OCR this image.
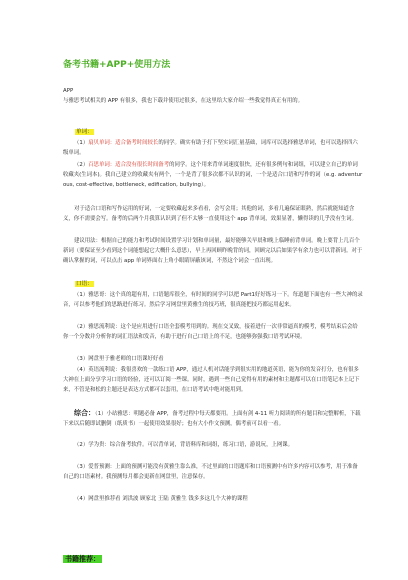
备考书籍+APP+使用方法

APP

与雅思考试相关的 APP 有很多，我也下载并使用过很多，在这里给大家介绍一些我觉得真正有用的。

单词：

（1）扇贝单词：适合备考时间较长的同学。确实有助于打下坚实词汇量基础，词库可以选择雅思单词，也可以选择四六级单词。

（2）百思单词：适合没有很长时间备考的同学。这个用来背单词速度很快，还有很多例句和词组，可以建立自己的单词收藏夹(生词本)。我自己建立的收藏夹有两个，一个是背了很多次都不认识的词，一个是适合口语和写作的词（e.g. adventurous, cost-effective, bottleneck, edification, bullying）。

对于适合口语和写作运用的好词，一定要收藏起来多看看，会写会用；其他的词，多看几遍保证眼熟，然后就能知道含义，你不需要会写。备考的后两个月我算认识到了但不太够一直使用这个 app 背单词，效果显著，懒得读的几乎没有生词。

建议用法：根据自己的能力和考试时间设置学习计划和单词量，最好能够关早晨和晚上临睡前背单词。晚上要背上几百个新词（要保证至少看到这个词能想起它大概什么意思），早上再回顾昨晚背的词，回顾完以后如果学有余力也可以背新词。对于确认掌握的词，可以点击 app 单词界面右上角小眼睛屏蔽该词，不然这个词会一直出现。

口语：

（1）雅思哥：这个真的超有用，口语题库很全，有时间的同学可以把 Part1好好练习一下。每道题下面也有一些大神的录音，可以参考他们的思路进行练习。然后学习网盘里黄雅生的技巧班，很真能把技巧都运用起来。

（2）雅思流利说：这个是应用进行口语全套模考用到的。现在交叉致，接着进行一次非常逼真的模考，模考结束后会给你一个分数并分析你的词汇语法和发音，有助于进行自己口语上的不足，也能够弥强我口语考试环境。

（3）网盘里于雅老师的口语课好好看

（4）英语流利说：我很喜欢的一款练口语 APP，通过人机对话能学到很实用的地道英语，能为你的发音打分，也有很多大神在上面分享学习口语的经验，还可以订阅一些课。同时，遇到一些自己觉得有用的素材和主题都可以在口语笔记本上记下来，不管是和松的主题还是表达方式都可以套用，在口语考试中绝对能用到。

综合：（1）小站雅思：明题必备 APP，备考过程中每天都要用。上面有剑 4-11 听力阅读的所有题目和完整解析，下载下来以后随即试删倒（纸质书）一起使用效果很好；也有大小作文预测，偶考前可以看一看。

（2）学为贵：综合备考软件。可以背单词，背语料库和词组，练习口语，游说玩，上网课。

（3）爱普预测：上面的预测可能没有黄雅生靠么准，不过里面的口语题库和口语预测中有许多内容可以参考，用于准备自己的口语素材。我预测每月都会更新在网盘里，注意保存。

（4）网盘里推荐看 刘洪波 顾家北 王陆 黄雅生 钱多多这几个大神的课程

书籍推荐：
